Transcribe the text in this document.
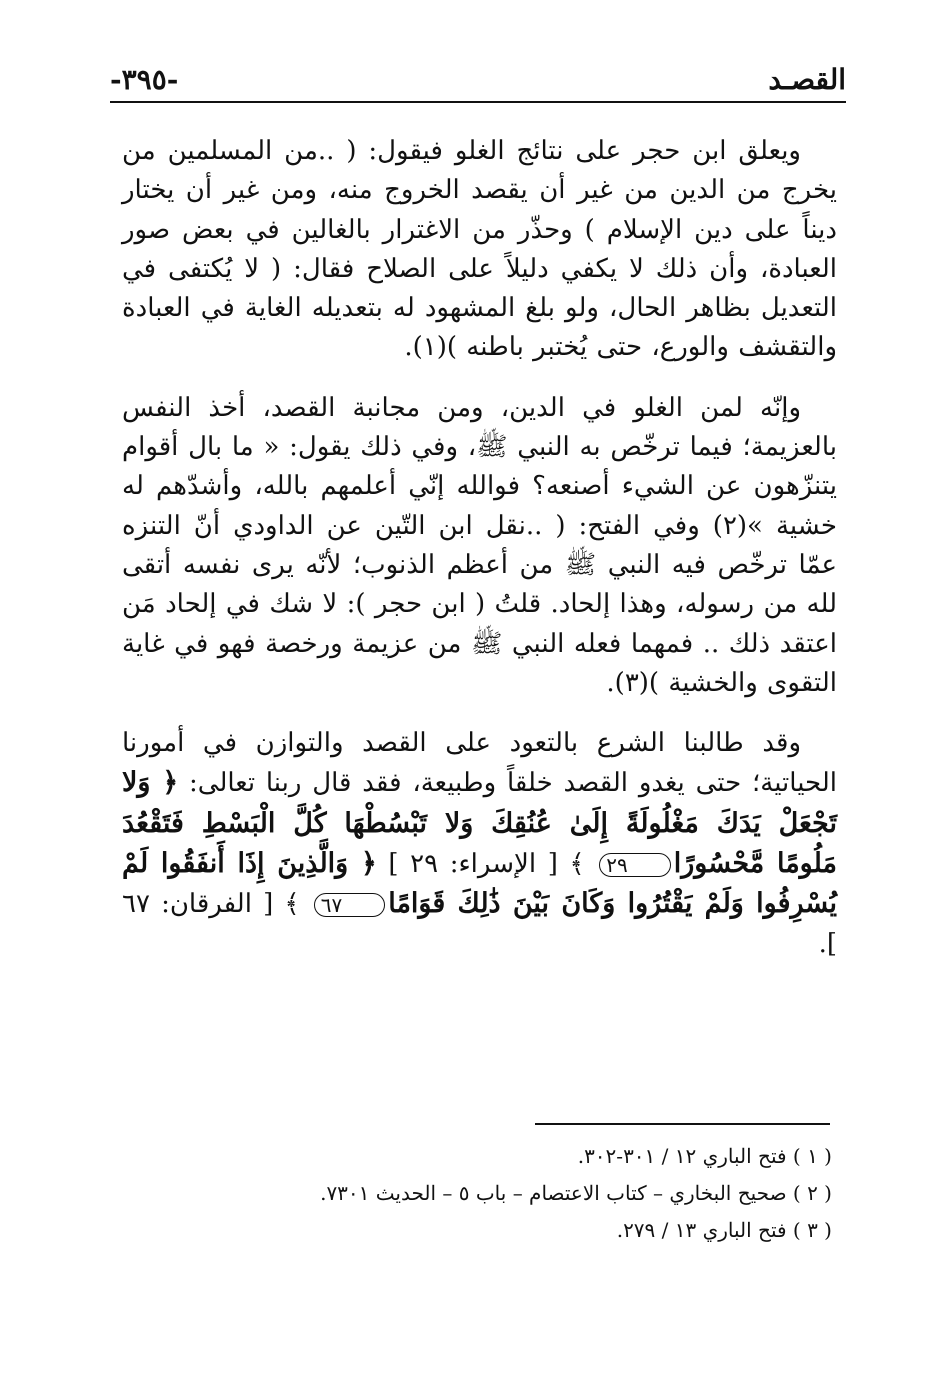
القصـد
-٣٩٥-
ويعلق ابن حجر على نتائج الغلو فيقول: ( ..من المسلمين من يخرج من الدين من غير أن يقصد الخروج منه، ومن غير أن يختار ديناً على دين الإسلام ) وحذّر من الاغترار بالغالين في بعض صور العبادة، وأن ذلك لا يكفي دليلاً على الصلاح فقال: ( لا يُكتفى في التعديل بظاهر الحال، ولو بلغ المشهود له بتعديله الغاية في العبادة والتقشف والورع، حتى يُختبر باطنه )(١).
وإنّه لمن الغلو في الدين، ومن مجانبة القصد، أخذ النفس بالعزيمة؛ فيما ترخّص به النبي ﷺ، وفي ذلك يقول: « ما بال أقوام يتنزّهون عن الشيء أصنعه؟ فوالله إنّي أعلمهم بالله، وأشدّهم له خشية »(٢) وفي الفتح: ( ..نقل ابن التّين عن الداودي أنّ التنزه عمّا ترخّص فيه النبي ﷺ من أعظم الذنوب؛ لأنّه يرى نفسه أتقى لله من رسوله، وهذا إلحاد. قلتُ ( ابن حجر ): لا شك في إلحاد مَن اعتقد ذلك .. فمهما فعله النبي ﷺ من عزيمة ورخصة فهو في غاية التقوى والخشية )(٣).
وقد طالبنا الشرع بالتعود على القصد والتوازن في أمورنا الحياتية؛ حتى يغدو القصد خلقاً وطبيعة، فقد قال ربنا تعالى: ﴿ وَلا تَجْعَلْ يَدَكَ مَغْلُولَةً إِلَىٰ عُنُقِكَ وَلا تَبْسُطْهَا كُلَّ الْبَسْطِ فَتَقْعُدَ مَلُومًا مَّحْسُورًا٢٩ ﴾ [ الإسراء: ٢٩ ] ﴿ وَالَّذِينَ إِذَا أَنفَقُوا لَمْ يُسْرِفُوا وَلَمْ يَقْتُرُوا وَكَانَ بَيْنَ ذَٰلِكَ قَوَامًا٦٧ ﴾ [ الفرقان: ٦٧ ].

( ١ ) فتح الباري ١٢ / ٣٠١-٣٠٢.

( ٢ ) صحيح البخاري – كتاب الاعتصام – باب ٥ – الحديث ٧٣٠١.

( ٣ ) فتح الباري ١٣ / ٢٧٩.
